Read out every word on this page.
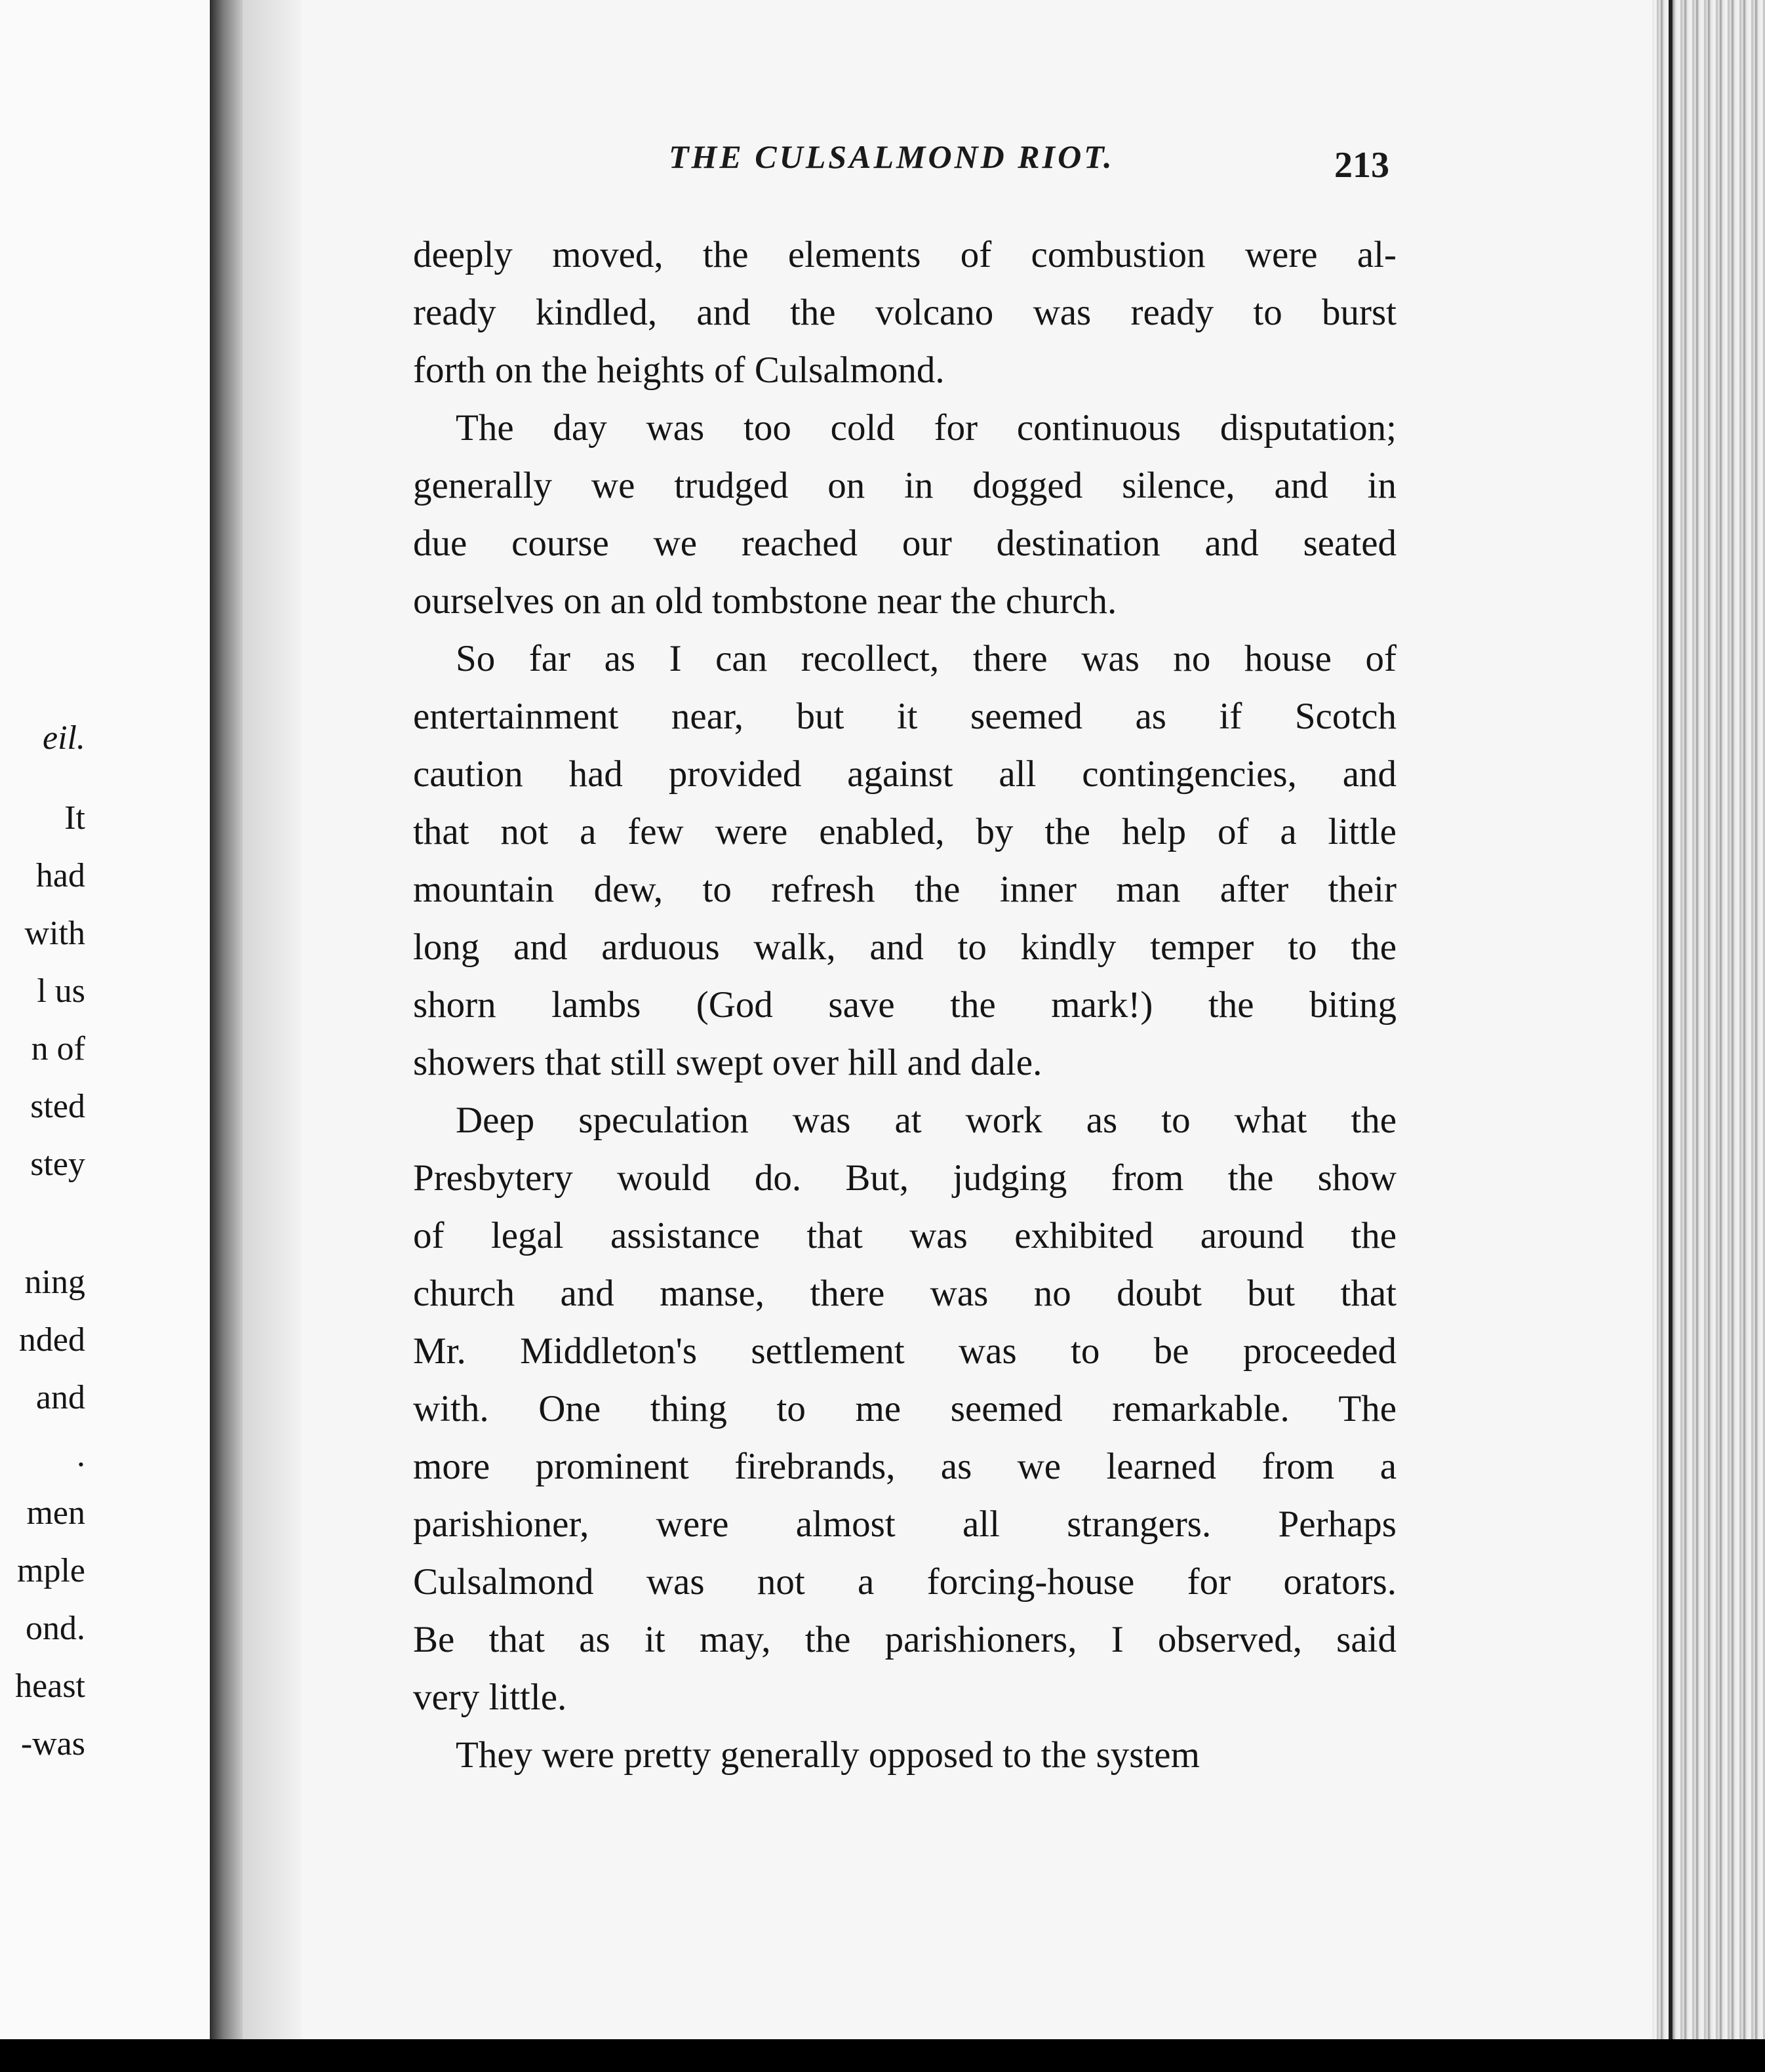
eil.
It
had
with
l us
n of
sted
stey
ning
nded
and
.
men
mple
ond.
heast
-was
THE CULSALMOND RIOT.	213
deeply moved, the elements of combustion were al-
ready kindled, and the volcano was ready to burst
forth on the heights of Culsalmond.
The day was too cold for continuous disputation;
generally we trudged on in dogged silence, and in
due course we reached our destination and seated
ourselves on an old tombstone near the church.
So far as I can recollect, there was no house of
entertainment near, but it seemed as if Scotch
caution had provided against all contingencies, and
that not a few were enabled, by the help of a little
mountain dew, to refresh the inner man after their
long and arduous walk, and to kindly temper to the
shorn lambs (God save the mark!) the biting
showers that still swept over hill and dale.
Deep speculation was at work as to what the
Presbytery would do. But, judging from the show
of legal assistance that was exhibited around the
church and manse, there was no doubt but that
Mr. Middleton's settlement was to be proceeded
with. One thing to me seemed remarkable. The
more prominent firebrands, as we learned from a
parishioner, were almost all strangers. Perhaps
Culsalmond was not a forcing-house for orators.
Be that as it may, the parishioners, I observed, said
very little.
They were pretty generally opposed to the system
